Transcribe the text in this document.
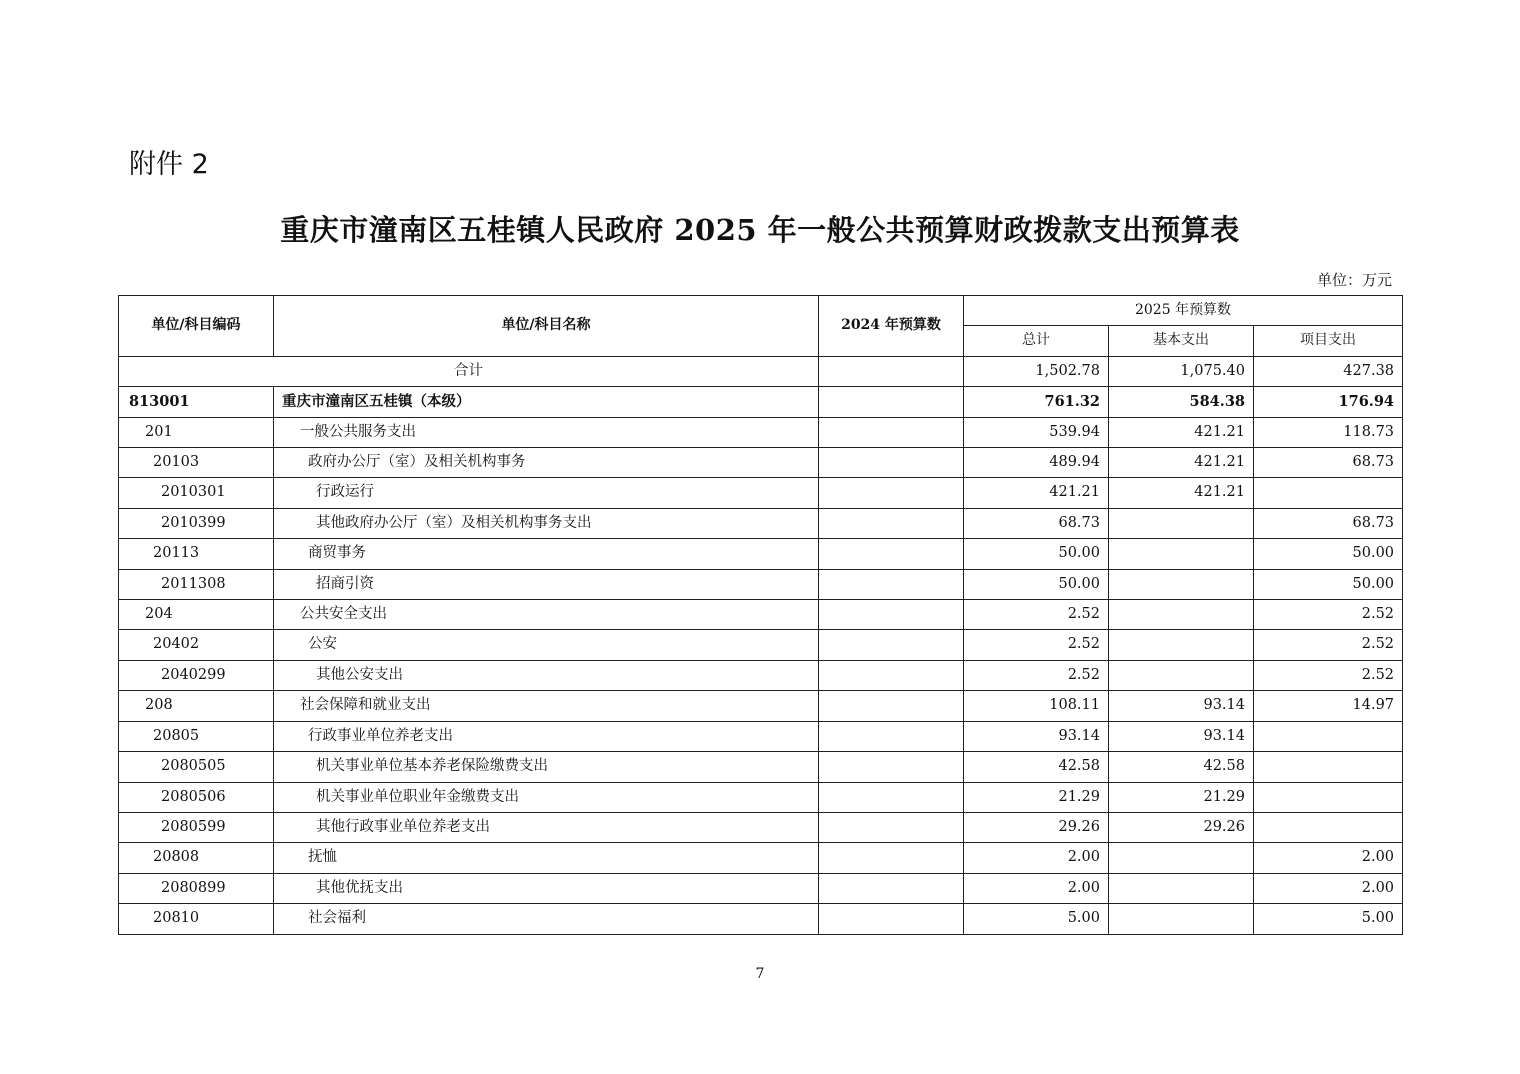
附件 2
重庆市潼南区五桂镇人民政府 2025 年一般公共预算财政拨款支出预算表
单位：万元
单位/科目编码	单位/科目名称	2024 年预算数	2025 年预算数		
			总计	基本支出	项目支出
合计			1,502.78	1,075.40	427.38
813001	重庆市潼南区五桂镇（本级）		761.32	584.38	176.94
201	一般公共服务支出		539.94	421.21	118.73
20103	政府办公厅（室）及相关机构事务		489.94	421.21	68.73
2010301	行政运行		421.21	421.21	
2010399	其他政府办公厅（室）及相关机构事务支出		68.73		68.73
20113	商贸事务		50.00		50.00
2011308	招商引资		50.00		50.00
204	公共安全支出		2.52		2.52
20402	公安		2.52		2.52
2040299	其他公安支出		2.52		2.52
208	社会保障和就业支出		108.11	93.14	14.97
20805	行政事业单位养老支出		93.14	93.14	
2080505	机关事业单位基本养老保险缴费支出		42.58	42.58	
2080506	机关事业单位职业年金缴费支出		21.29	21.29	
2080599	其他行政事业单位养老支出		29.26	29.26	
20808	抚恤		2.00		2.00
2080899	其他优抚支出		2.00		2.00
20810	社会福利		5.00		5.00
7
